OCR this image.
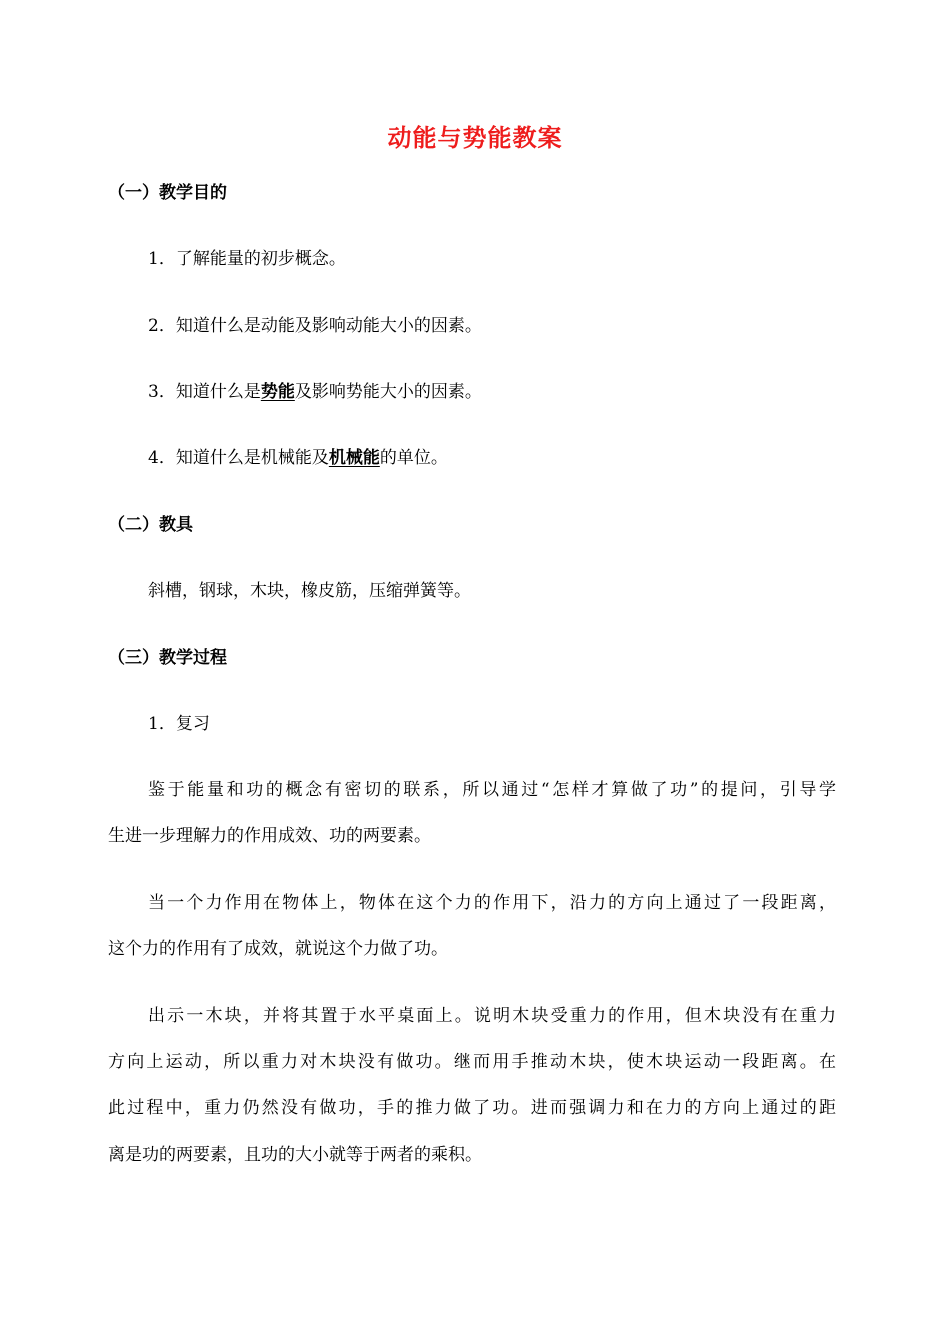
动能与势能教案
（一）教学目的
1．了解能量的初步概念。
2．知道什么是动能及影响动能大小的因素。
3．知道什么是势能及影响势能大小的因素。
4．知道什么是机械能及机械能的单位。
（二）教具
斜槽，钢球，木块，橡皮筋，压缩弹簧等。
（三）教学过程
1．复习
鉴于能量和功的概念有密切的联系，所以通过“怎样才算做了功”的提问，引导学
生进一步理解力的作用成效、功的两要素。
当一个力作用在物体上，物体在这个力的作用下，沿力的方向上通过了一段距离，
这个力的作用有了成效，就说这个力做了功。
出示一木块，并将其置于水平桌面上。说明木块受重力的作用，但木块没有在重力
方向上运动，所以重力对木块没有做功。继而用手推动木块，使木块运动一段距离。在
此过程中，重力仍然没有做功，手的推力做了功。进而强调力和在力的方向上通过的距
离是功的两要素，且功的大小就等于两者的乘积。
